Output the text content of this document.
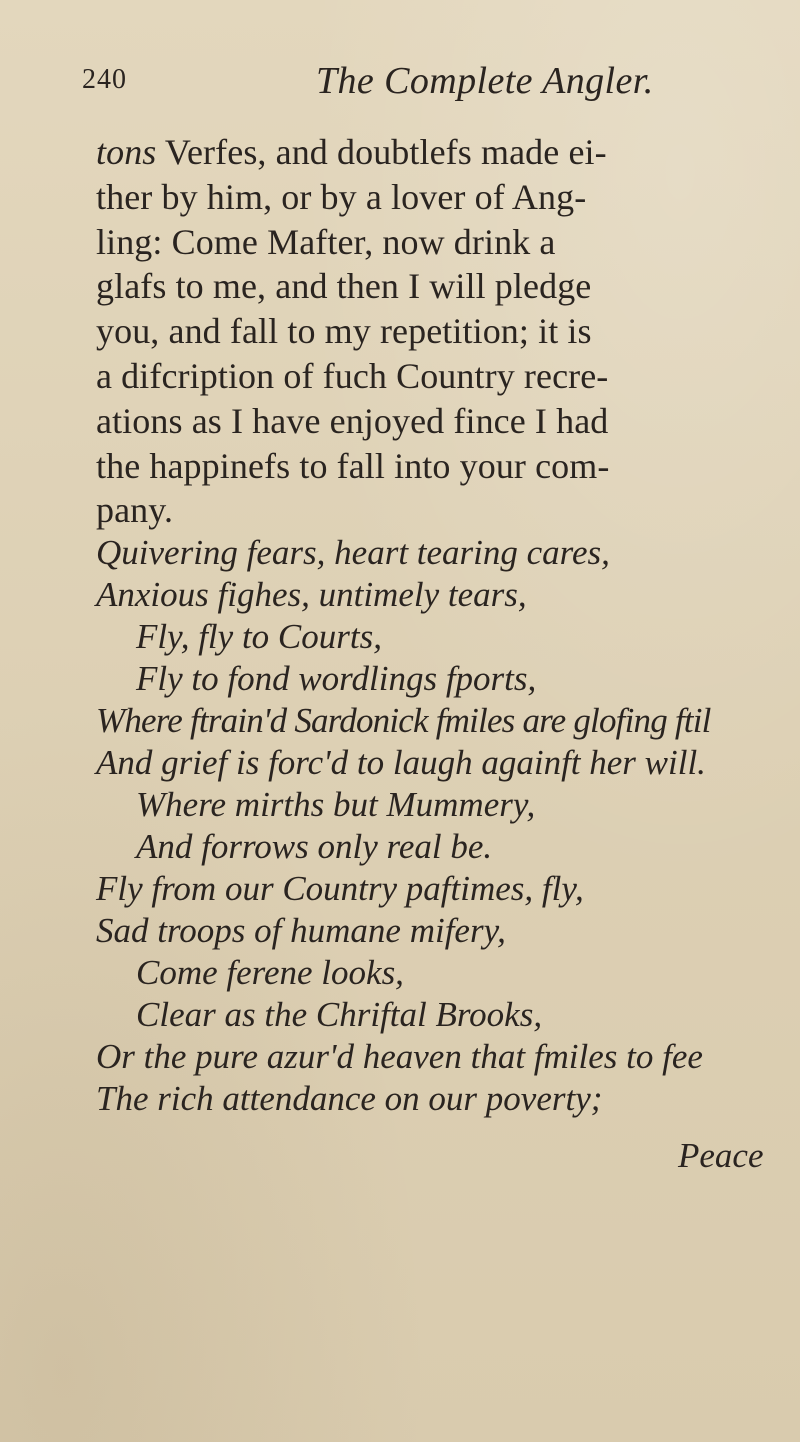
240	The Complete Angler.
tons Verfes, and doubtlefs made ei-
ther by him, or by a lover of Ang-
ling: Come Mafter, now drink a
glafs to me, and then I will pledge
you, and fall to my repetition; it is
a difcription of fuch Country recre-
ations as I have enjoyed fince I had
the happinefs to fall into your com-
pany.
Quivering fears, heart tearing cares,
Anxious fighes, untimely tears,
Fly, fly to Courts,
Fly to fond wordlings fports,
Where ftrain'd Sardonick fmiles are glofing ftil
And grief is forc'd to laugh againft her will.
Where mirths but Mummery,
And forrows only real be.
Fly from our Country paftimes, fly,
Sad troops of humane mifery,
Come ferene looks,
Clear as the Chriftal Brooks,
Or the pure azur'd heaven that fmiles to fee
The rich attendance on our poverty;
Peace
